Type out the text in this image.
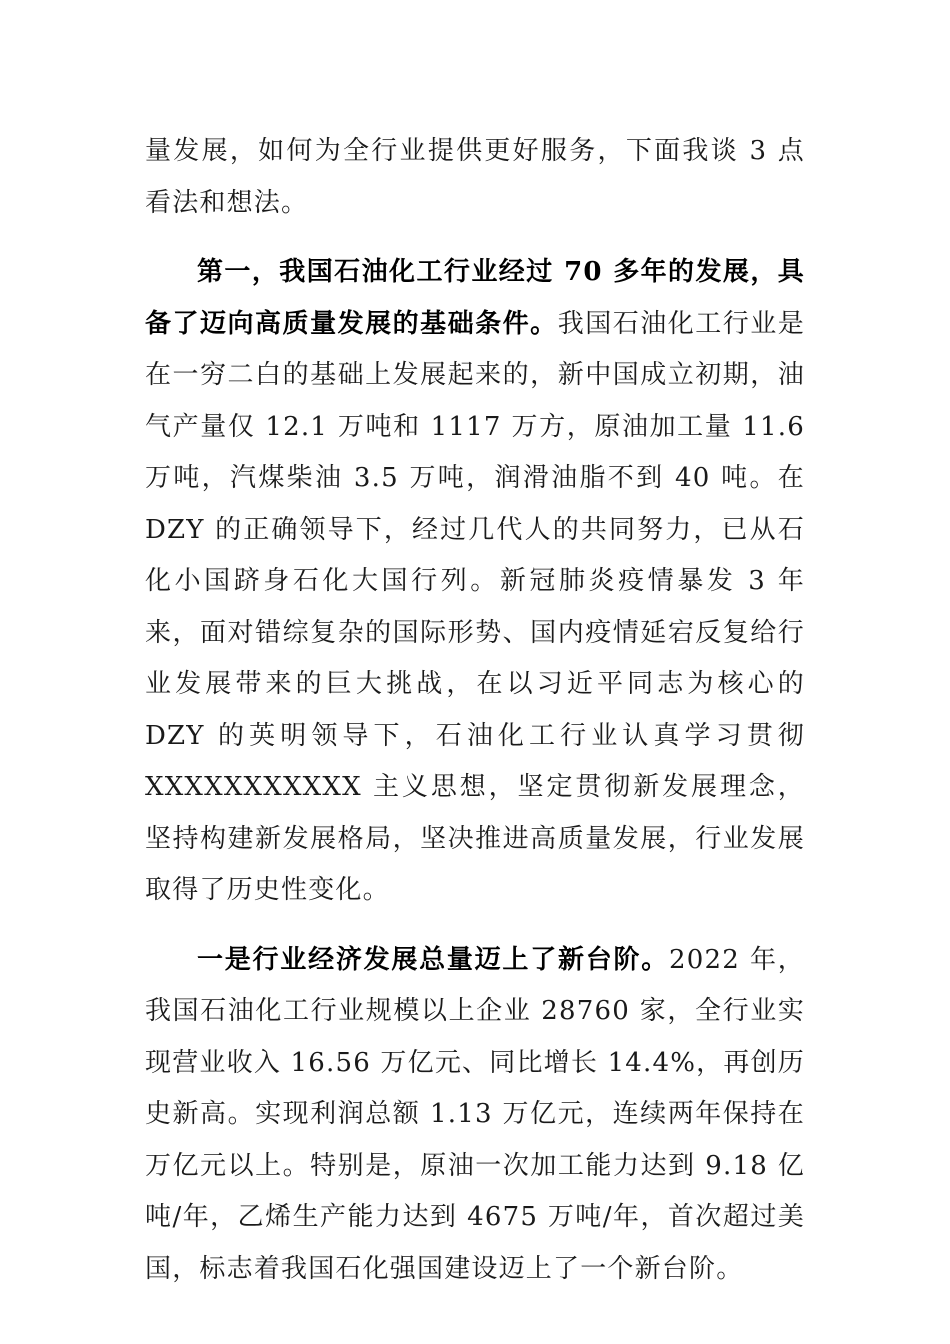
量发展，如何为全行业提供更好服务，下面我谈 3 点看法和想法。

第一，我国石油化工行业经过 70 多年的发展，具备了迈向高质量发展的基础条件。我国石油化工行业是在一穷二白的基础上发展起来的，新中国成立初期，油气产量仅 12.1 万吨和 1117 万方，原油加工量 11.6 万吨，汽煤柴油 3.5 万吨，润滑油脂不到 40 吨。在 DZY 的正确领导下，经过几代人的共同努力，已从石化小国跻身石化大国行列。新冠肺炎疫情暴发 3 年来，面对错综复杂的国际形势、国内疫情延宕反复给行业发展带来的巨大挑战，在以习近平同志为核心的 DZY 的英明领导下，石油化工行业认真学习贯彻 XXXXXXXXXXX 主义思想，坚定贯彻新发展理念，坚持构建新发展格局，坚决推进高质量发展，行业发展取得了历史性变化。

一是行业经济发展总量迈上了新台阶。2022 年，我国石油化工行业规模以上企业 28760 家，全行业实现营业收入 16.56 万亿元、同比增长 14.4%，再创历史新高。实现利润总额 1.13 万亿元，连续两年保持在万亿元以上。特别是，原油一次加工能力达到 9.18 亿吨/年，乙烯生产能力达到 4675 万吨/年，首次超过美国，标志着我国石化强国建设迈上了一个新台阶。
